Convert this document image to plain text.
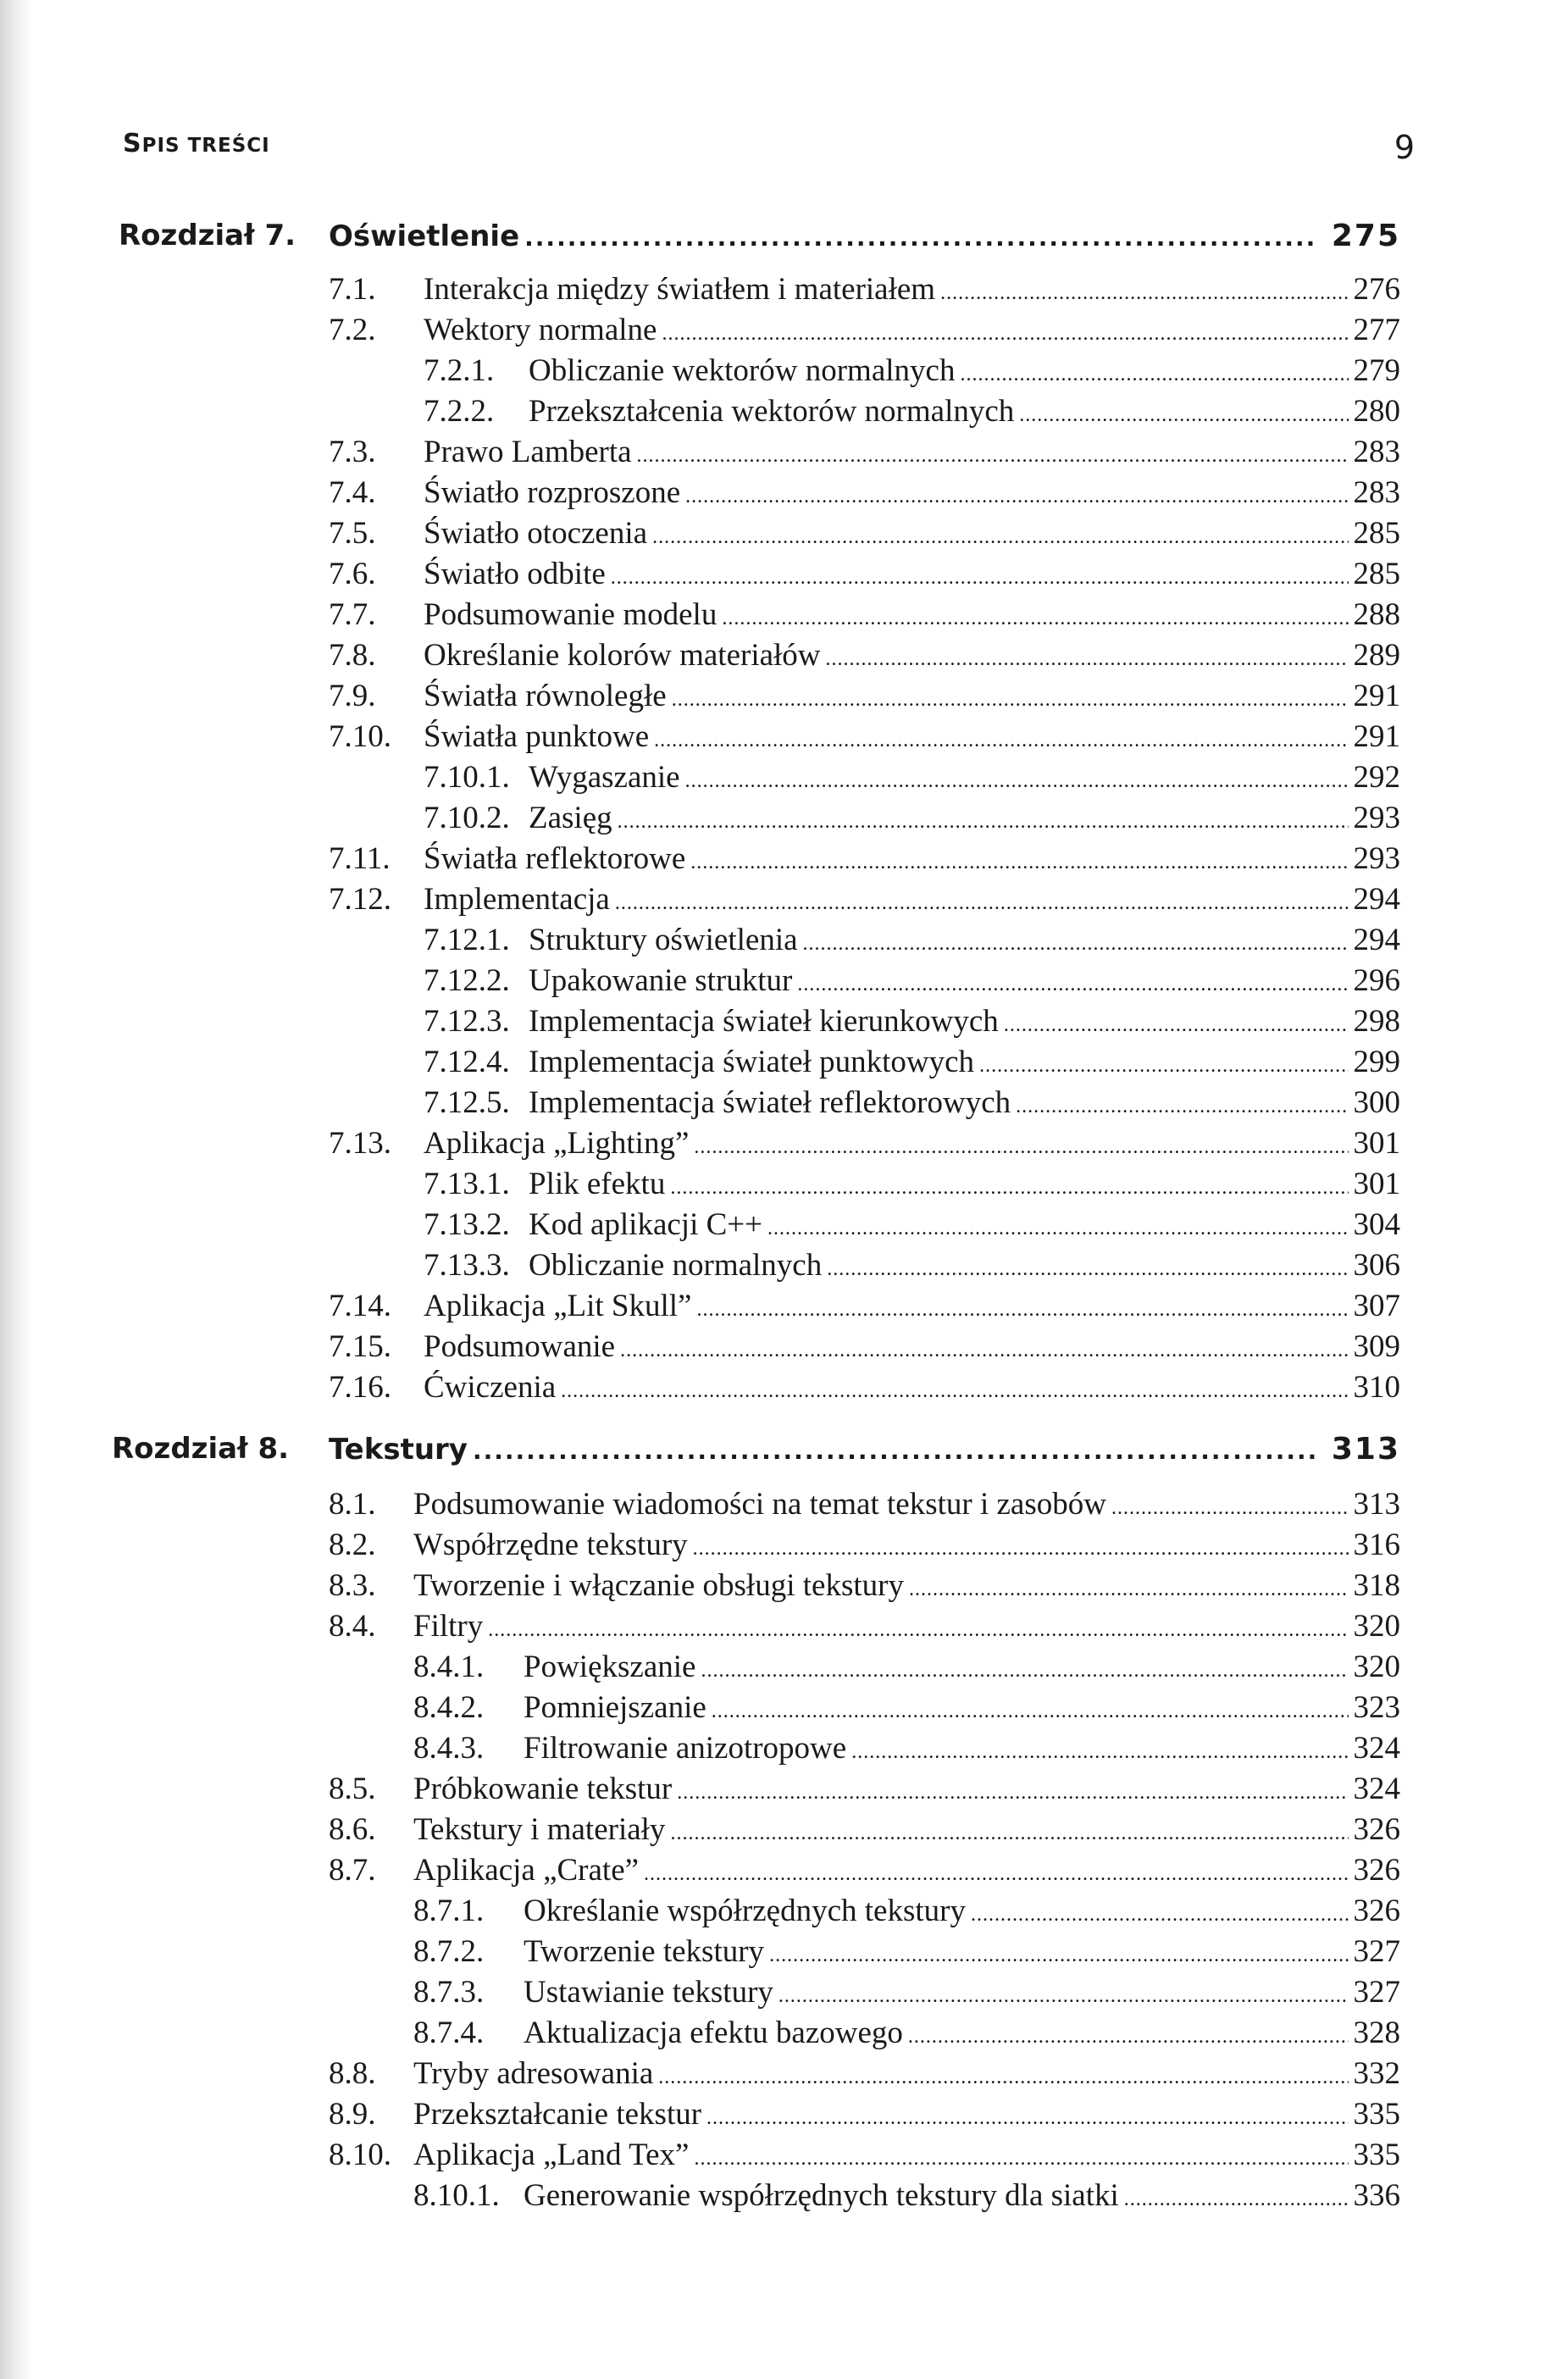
SPIS TREŚCI	9
Rozdział 7. Oświetlenie .....	275
7.1. Interakcja między światłem i materiałem .....	276
7.2. Wektory normalne .....	277
7.2.1. Obliczanie wektorów normalnych .....	279
7.2.2. Przekształcenia wektorów normalnych .....	280
7.3. Prawo Lamberta .....	283
7.4. Światło rozproszone .....	283
7.5. Światło otoczenia .....	285
7.6. Światło odbite .....	285
7.7. Podsumowanie modelu .....	288
7.8. Określanie kolorów materiałów .....	289
7.9. Światła równoległe .....	291
7.10. Światła punktowe .....	291
7.10.1. Wygaszanie .....	292
7.10.2. Zasięg .....	293
7.11. Światła reflektorowe .....	293
7.12. Implementacja .....	294
7.12.1. Struktury oświetlenia .....	294
7.12.2. Upakowanie struktur .....	296
7.12.3. Implementacja świateł kierunkowych .....	298
7.12.4. Implementacja świateł punktowych .....	299
7.12.5. Implementacja świateł reflektorowych .....	300
7.13. Aplikacja „Lighting” .....	301
7.13.1. Plik efektu .....	301
7.13.2. Kod aplikacji C++ .....	304
7.13.3. Obliczanie normalnych .....	306
7.14. Aplikacja „Lit Skull” .....	307
7.15. Podsumowanie .....	309
7.16. Ćwiczenia .....	310
Rozdział 8. Tekstury .....	313
8.1. Podsumowanie wiadomości na temat tekstur i zasobów .....	313
8.2. Współrzędne tekstury .....	316
8.3. Tworzenie i włączanie obsługi tekstury .....	318
8.4. Filtry .....	320
8.4.1. Powiększanie .....	320
8.4.2. Pomniejszanie .....	323
8.4.3. Filtrowanie anizotropowe .....	324
8.5. Próbkowanie tekstur .....	324
8.6. Tekstury i materiały .....	326
8.7. Aplikacja „Crate” .....	326
8.7.1. Określanie współrzędnych tekstury .....	326
8.7.2. Tworzenie tekstury .....	327
8.7.3. Ustawianie tekstury .....	327
8.7.4. Aktualizacja efektu bazowego .....	328
8.8. Tryby adresowania .....	332
8.9. Przekształcanie tekstur .....	335
8.10. Aplikacja „Land Tex” .....	335
8.10.1. Generowanie współrzędnych tekstury dla siatki .....	336
